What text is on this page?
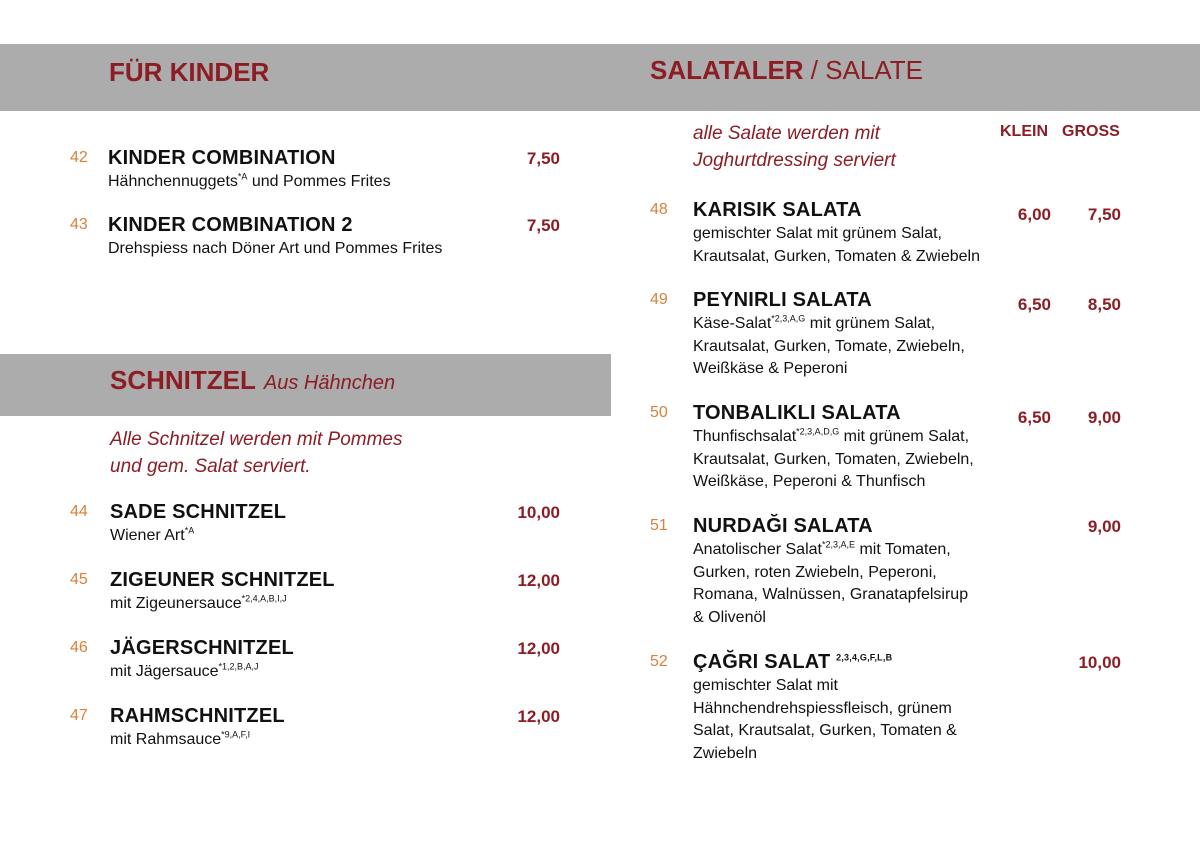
FÜR KINDER
42 KINDER COMBINATION
Hähnchennuggets$^{*A}$ und Pommes Frites
7,50
43 KINDER COMBINATION 2
Drehspiess nach Döner Art und Pommes Frites
7,50
SCHNITZEL Aus Hähnchen

Alle Schnitzel werden mit Pommes
und gem. Salat serviert.

44 SADE SCHNITZEL
Wiener Art$^{*A}$
10,00
45 ZIGEUNER SCHNITZEL
mit Zigeunersauce$^{*2,4,A,B,I,J}$
12,00
46 JÄGERSCHNITZEL
mit Jägersauce$^{*1,2,B,A,J}$
12,00
47 RAHMSCHNITZEL
mit Rahmsauce$^{*9,A,F,I}$
12,00
SALATALER / SALATE

alle Salate werden mit
Joghurtdressing serviert

KLEIN GROSS
48 KARISIK SALATA
gemischter Salat mit grünem Salat,
Krautsalat, Gurken, Tomaten & Zwiebeln
6,00 7,50
49 PEYNIRLI SALATA
Käse-Salat$^{*2,3,A,G}$ mit grünem Salat,
Krautsalat, Gurken, Tomate, Zwiebeln,
Weißkäse & Peperoni
6,50 8,50
50 TONBALIKLI SALATA
Thunfischsalat$^{*2,3,A,D,G}$ mit grünem Salat,
Krautsalat, Gurken, Tomaten, Zwiebeln,
Weißkäse, Peperoni & Thunfisch
6,50 9,00
51 NURDAĞI SALATA
Anatolischer Salat$^{*2,3,A,E}$ mit Tomaten,
Gurken, roten Zwiebeln, Peperoni,
Romana, Walnüssen, Granatapfelsirup
& Olivenöl
9,00
52 ÇAĞRI SALAT $^{2,3,4,G,F,L,B}$
gemischter Salat mit
Hähnchendrehspiessfleisch, grünem
Salat, Krautsalat, Gurken, Tomaten &
Zwiebeln
10,00
